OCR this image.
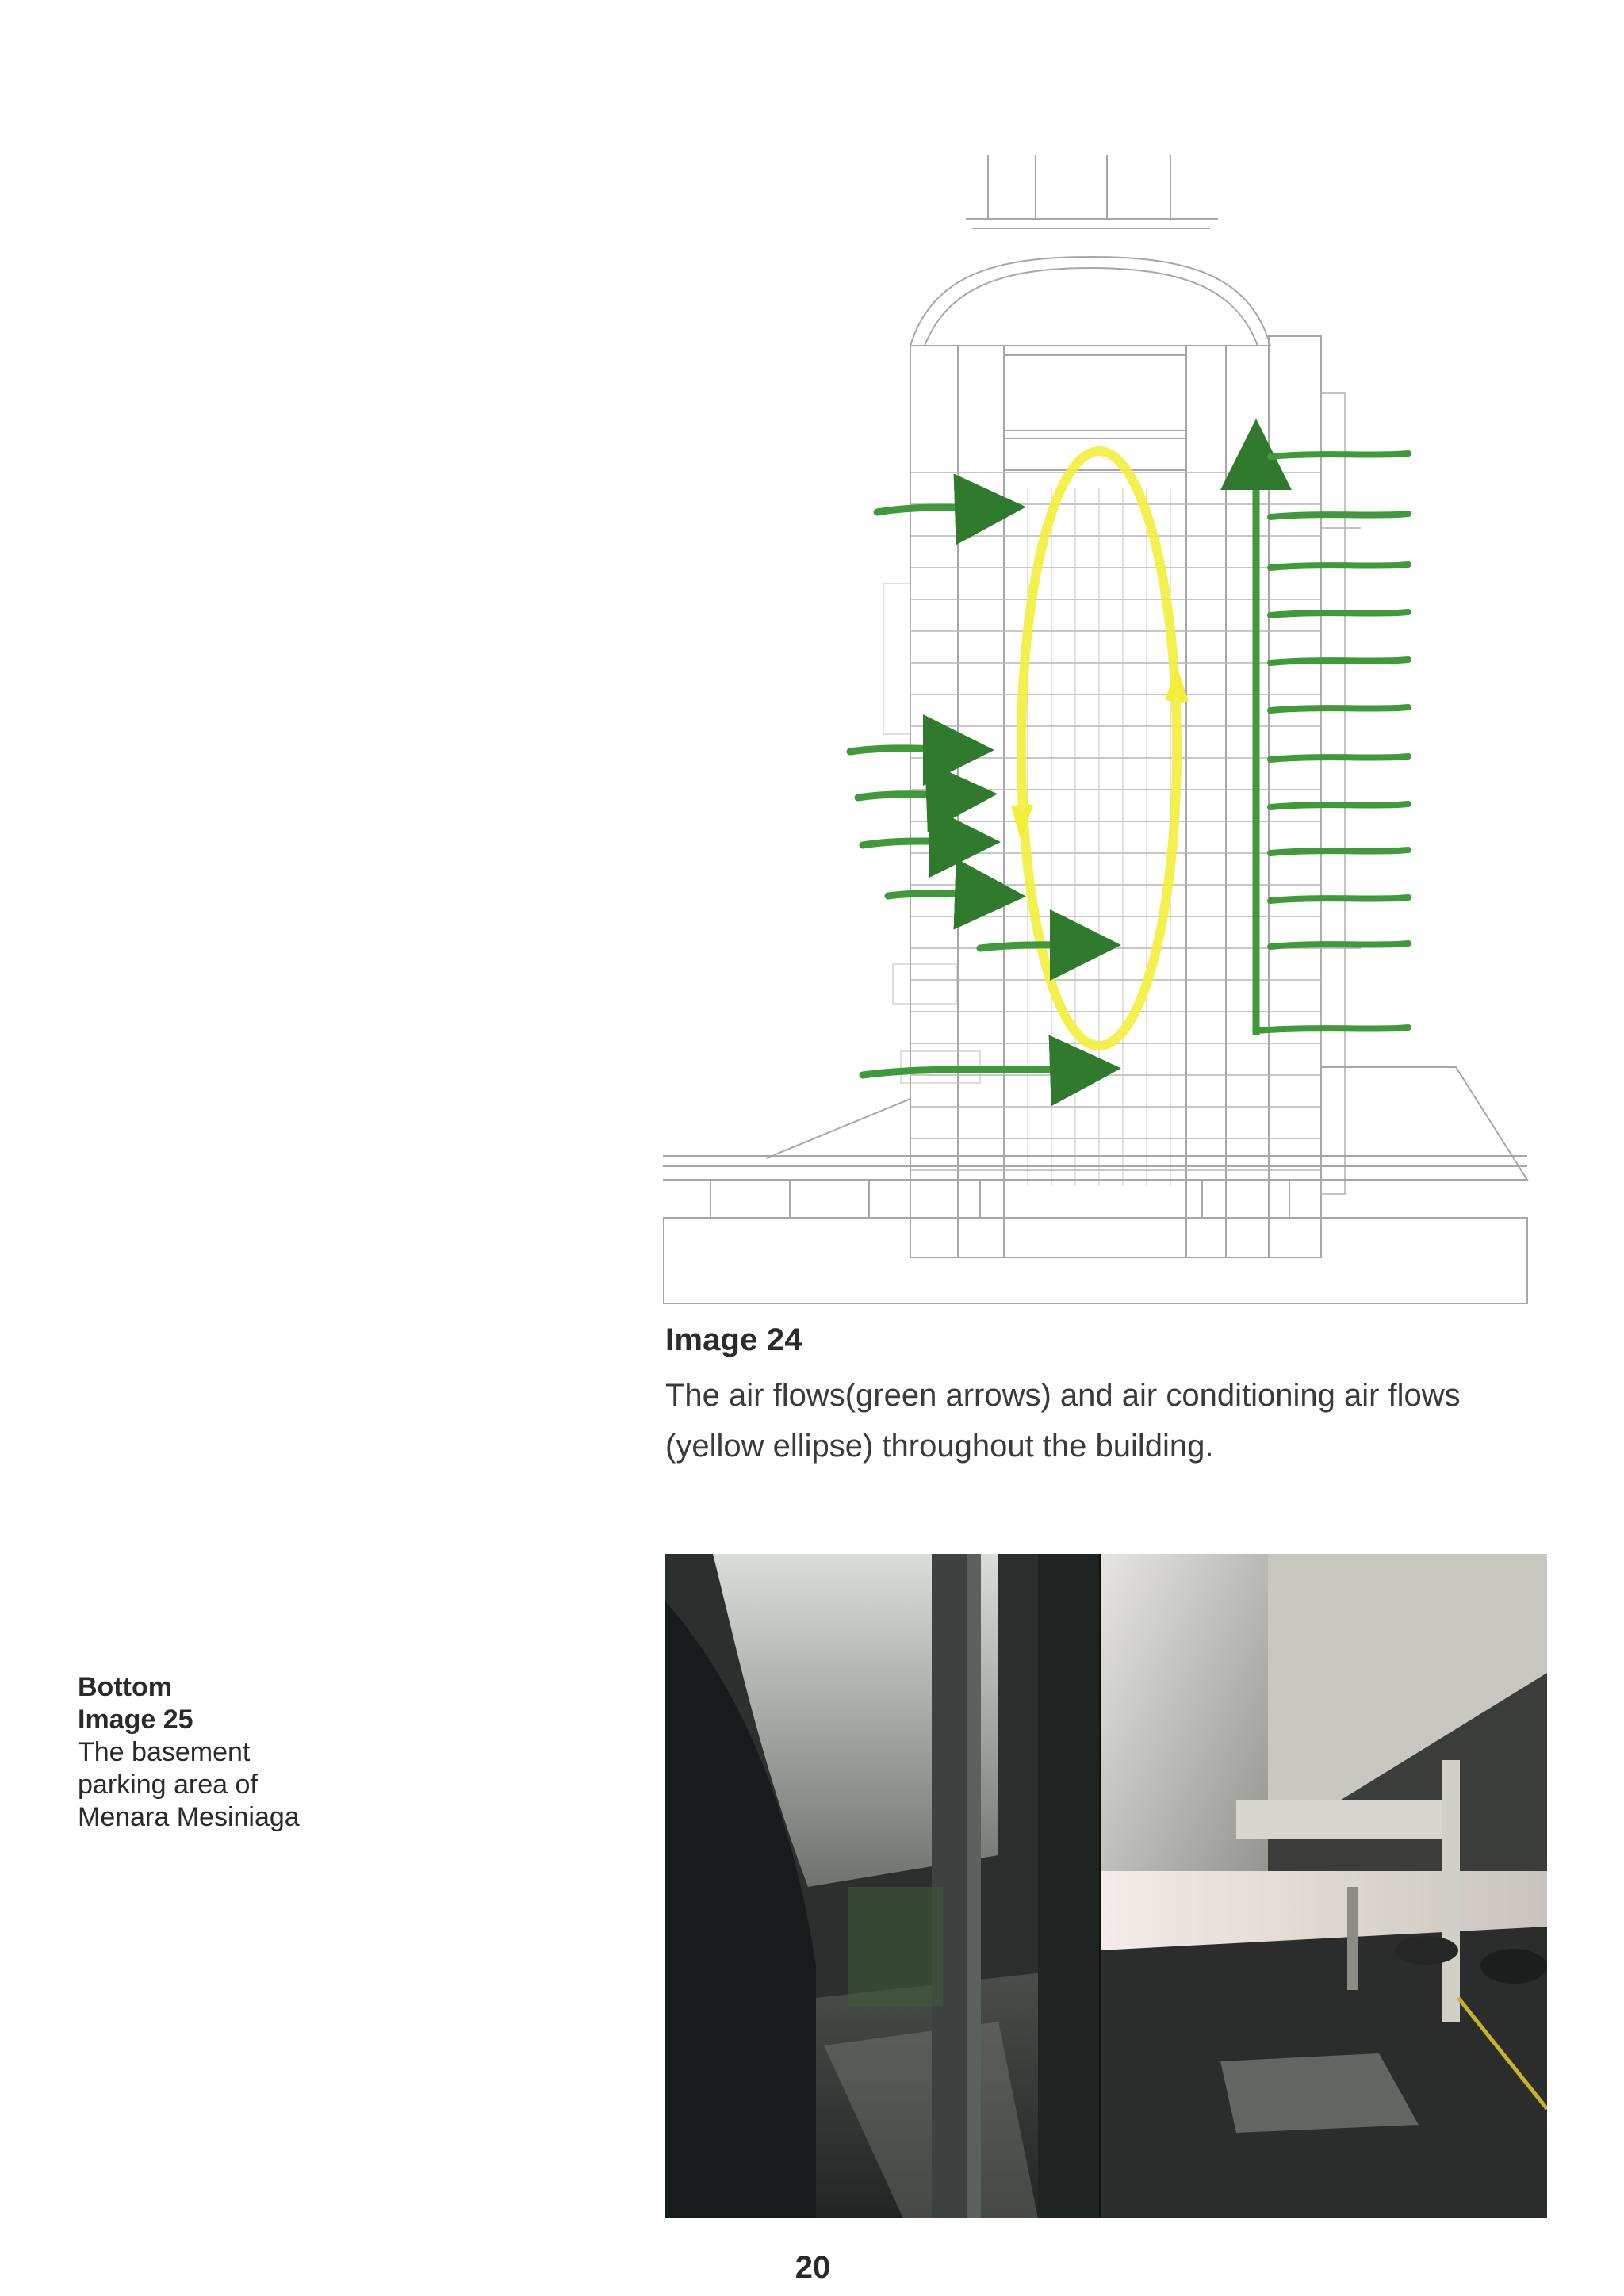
Image 24
The air flows(green arrows) and air conditioning air flows (yellow ellipse) throughout the building.
Bottom
Image 25
The basement parking area of Menara Mesiniaga
20
